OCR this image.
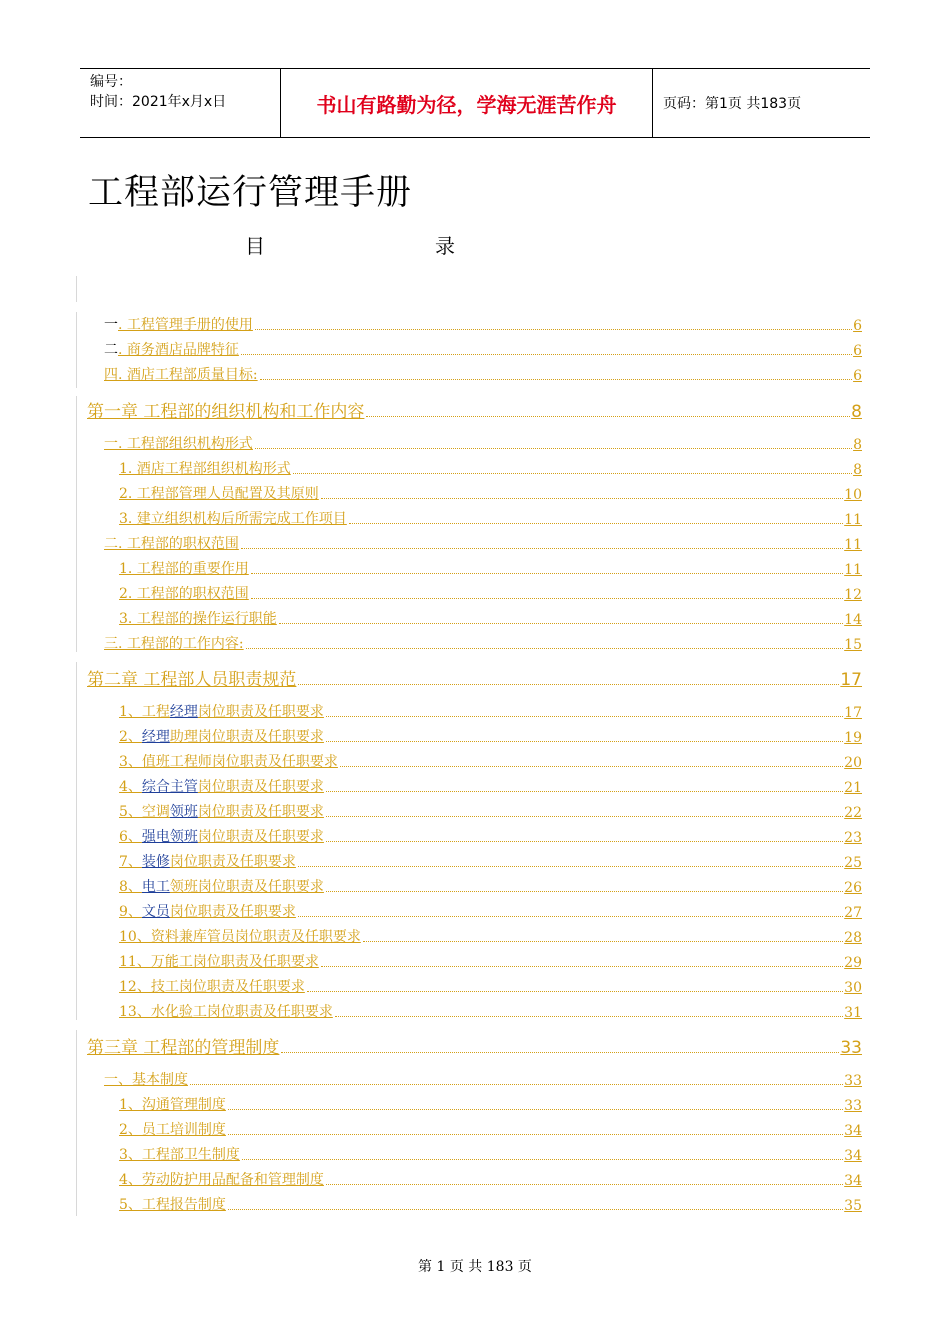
编号：
时间：2021年x月x日	书山有路勤为径，学海无涯苦作舟	页码：第1页 共183页
工程部运行管理手册
目	录
一. 工程管理手册的使用	6
二. 商务酒店品牌特征	6
四. 酒店工程部质量目标:	6
第一章 工程部的组织机构和工作内容	8
一. 工程部组织机构形式	8
1. 酒店工程部组织机构形式	8
2. 工程部管理人员配置及其原则	10
3. 建立组织机构后所需完成工作项目	11
二. 工程部的职权范围	11
1. 工程部的重要作用	11
2. 工程部的职权范围	12
3. 工程部的操作运行职能	14
三. 工程部的工作内容:	15
第二章 工程部人员职责规范	17
1、工程经理岗位职责及任职要求	17
2、经理助理岗位职责及任职要求	19
3、值班工程师岗位职责及任职要求	20
4、综合主管岗位职责及任职要求	21
5、空调领班岗位职责及任职要求	22
6、强电领班岗位职责及任职要求	23
7、装修岗位职责及任职要求	25
8、电工领班岗位职责及任职要求	26
9、文员岗位职责及任职要求	27
10、资料兼库管员岗位职责及任职要求	28
11、万能工岗位职责及任职要求	29
12、技工岗位职责及任职要求	30
13、水化验工岗位职责及任职要求	31
第三章 工程部的管理制度	33
一、基本制度	33
1、沟通管理制度	33
2、员工培训制度	34
3、工程部卫生制度	34
4、劳动防护用品配备和管理制度	34
5、工程报告制度	35
第 1 页 共 183 页
